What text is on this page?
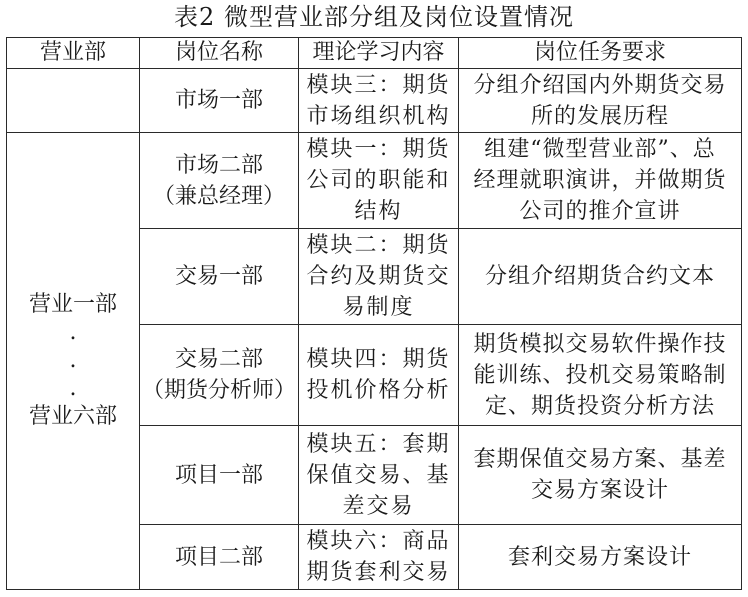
表2 微型营业部分组及岗位设置情况
营业部	岗位名称	理论学习内容	岗位任务要求

	市场一部	模块三：期货
市场组织机构	分组介绍国内外期货交易
所的发展历程

营业一部
.
.
.
营业六部	市场二部
（兼总经理）	模块一：期货
公司的职能和
结构	组建“微型营业部”、总
经理就职演讲，并做期货
公司的推介宣讲

	交易一部	模块二：期货
合约及期货交
易制度	分组介绍期货合约文本

	交易二部
（期货分析师）	模块四：期货
投机价格分析	期货模拟交易软件操作技
能训练、投机交易策略制
定、期货投资分析方法

	项目一部	模块五：套期
保值交易、基
差交易	套期保值交易方案、基差
交易方案设计

	项目二部	模块六：商品
期货套利交易	套利交易方案设计
